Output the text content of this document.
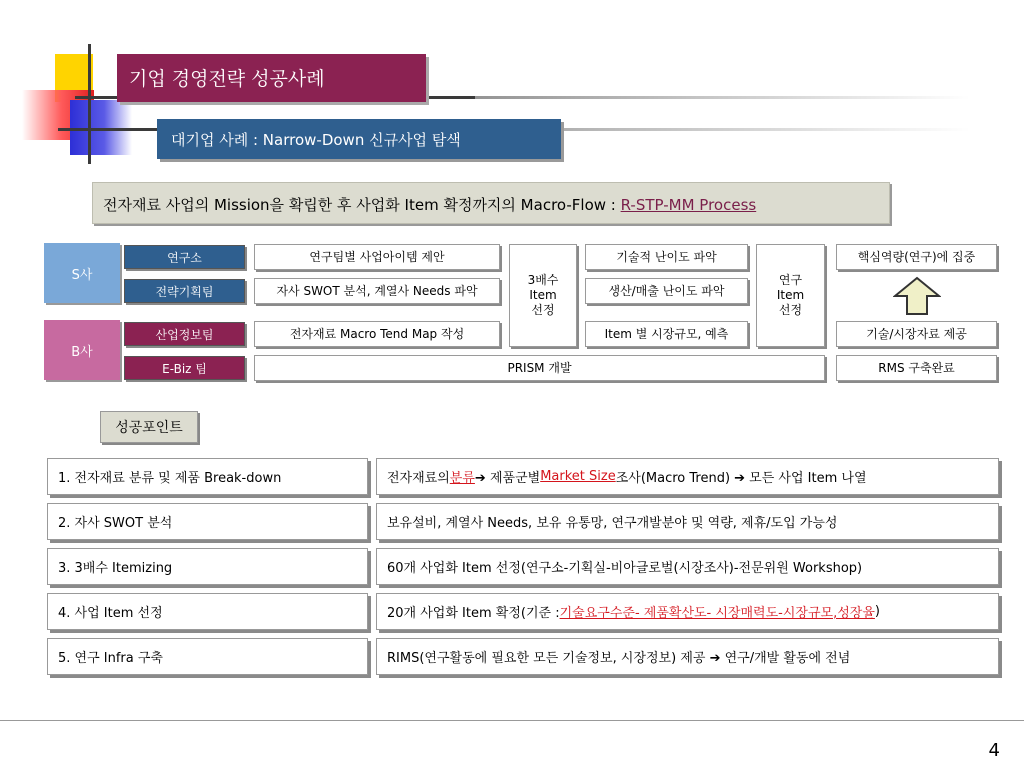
기업 경영전략 성공사례
대기업 사례 : Narrow-Down 신규사업 탐색
전자재료 사업의 Mission을 확립한 후 사업화 Item 확정까지의 Macro-Flow : R-STP-MM Process
S사
B사
연구소
전략기획팀
산업정보팀
E-Biz 팀
연구팀별 사업아이템 제안
자사 SWOT 분석, 계열사 Needs 파악
전자재료 Macro Tend Map 작성
3배수
Item
선정
기술적 난이도 파악
생산/매출 난이도 파악
Item 별 시장규모, 예측
연구
Item
선정
핵심역량(연구)에 집중
기술/시장자료 제공
PRISM 개발	RMS 구축완료
성공포인트
1. 전자재료 분류 및 제품 Break-down	전자재료의 분류 ➔ 제품군별 Market Size 조사(Macro Trend) ➔ 모든 사업 Item 나열
2. 자사 SWOT 분석	보유설비, 계열사 Needs, 보유 유통망, 연구개발분야 및 역량, 제휴/도입 가능성
3. 3배수 Itemizing	60개 사업화 Item 선정(연구소-기획실-비아글로벌(시장조사)-전문위원 Workshop)
4. 사업 Item 선정	20개 사업화 Item 확정(기준 : 기술요구수준- 제품확산도- 시장매력도-시장규모,성장율 )
5. 연구 Infra 구축	RIMS(연구활동에 필요한 모든 기술정보, 시장정보) 제공 ➔ 연구/개발 활동에 전념
4
